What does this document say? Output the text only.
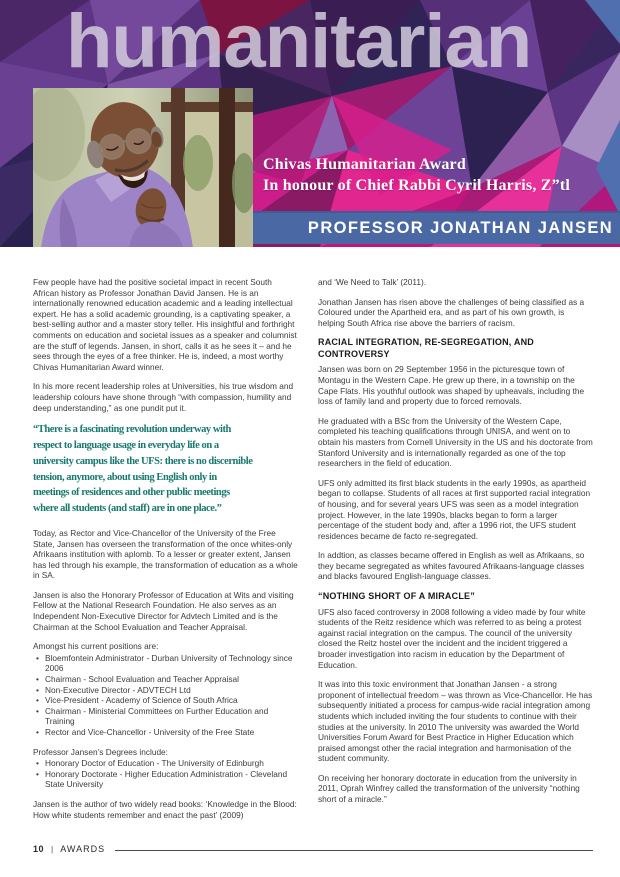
humanitarian
Chivas Humanitarian Award
In honour of Chief Rabbi Cyril Harris, Z”tl
PROFESSOR JONATHAN JANSEN

Few people have had the positive societal impact in recent South African history as Professor Jonathan David Jansen. He is an internationally renowned education academic and a leading intellectual expert. He has a solid academic grounding, is a captivating speaker, a best-selling author and a master story teller. His insightful and forthright comments on education and societal issues as a speaker and columnist are the stuff of legends. Jansen, in short, calls it as he sees it – and he sees through the eyes of a free thinker. He is, indeed, a most worthy Chivas Humanitarian Award winner.

In his more recent leadership roles at Universities, his true wisdom and leadership colours have shone through “with compassion, humility and deep understanding,” as one pundit put it.

“There is a fascinating revolution underway with
respect to language usage in everyday life on a
university campus like the UFS: there is no discernible
tension, anymore, about using English only in
meetings of residences and other public meetings
where all students (and staff) are in one place.”

Today, as Rector and Vice-Chancellor of the University of the Free State, Jansen has overseen the transformation of the once whites-only Afrikaans institution with aplomb. To a lesser or greater extent, Jansen has led through his example, the transformation of education as a whole in SA.

Jansen is also the Honorary Professor of Education at Wits and visiting Fellow at the National Research Foundation. He also serves as an Independent Non-Executive Director for Advtech Limited and is the Chairman at the School Evaluation and Teacher Appraisal.

Amongst his current positions are:

• Bloemfontein Administrator - Durban University of Technology since 2006
• Chairman - School Evaluation and Teacher Appraisal
• Non-Executive Director - ADVTECH Ltd
• Vice-President - Academy of Science of South Africa
• Chairman - Ministerial Committees on Further Education and Training
• Rector and Vice-Chancellor - University of the Free State

Professor Jansen’s Degrees include:

• Honorary Doctor of Education - The University of Edinburgh
• Honorary Doctorate - Higher Education Administration - Cleveland State University

Jansen is the author of two widely read books: ‘Knowledge in the Blood: How white students remember and enact the past’ (2009)

and ‘We Need to Talk’ (2011).

Jonathan Jansen has risen above the challenges of being classified as a Coloured under the Apartheid era, and as part of his own growth, is helping South Africa rise above the barriers of racism.

RACIAL INTEGRATION, RE-SEGREGATION, AND CONTROVERSY

Jansen was born on 29 September 1956 in the picturesque town of Montagu in the Western Cape. He grew up there, in a township on the Cape Flats. His youthful outlook was shaped by upheavals, including the loss of family land and property due to forced removals.

He graduated with a BSc from the University of the Western Cape, completed his teaching qualifications through UNISA, and went on to obtain his masters from Cornell University in the US and his doctorate from Stanford University and is internationally regarded as one of the top researchers in the field of education.

UFS only admitted its first black students in the early 1990s, as apartheid began to collapse. Students of all races at first supported racial integration of housing, and for several years UFS was seen as a model integration project. However, in the late 1990s, blacks began to form a larger percentage of the student body and, after a 1996 riot, the UFS student residences became de facto re-segregated.

In addtion, as classes became offered in English as well as Afrikaans, so they became segregated as whites favoured Afrikaans-language classes and blacks favoured English-language classes.

“NOTHING SHORT OF A MIRACLE”

UFS also faced controversy in 2008 following a video made by four white students of the Reitz residence which was referred to as being a protest against racial integration on the campus. The council of the university closed the Reitz hostel over the incident and the incident triggered a broader investigation into racism in education by the Department of Education.

It was into this toxic environment that Jonathan Jansen - a strong proponent of intellectual freedom – was thrown as Vice-Chancellor. He has subsequently initiated a process for campus-wide racial integration among students which included inviting the four students to continue with their studies at the university. In 2010 The university was awarded the World Universities Forum Award for Best Practice in Higher Education which praised amongst other the racial integration and harmonisation of the student community.

On receiving her honorary doctorate in education from the university in 2011, Oprah Winfrey called the transformation of the university “nothing short of a miracle.”

10 | AWARDS
